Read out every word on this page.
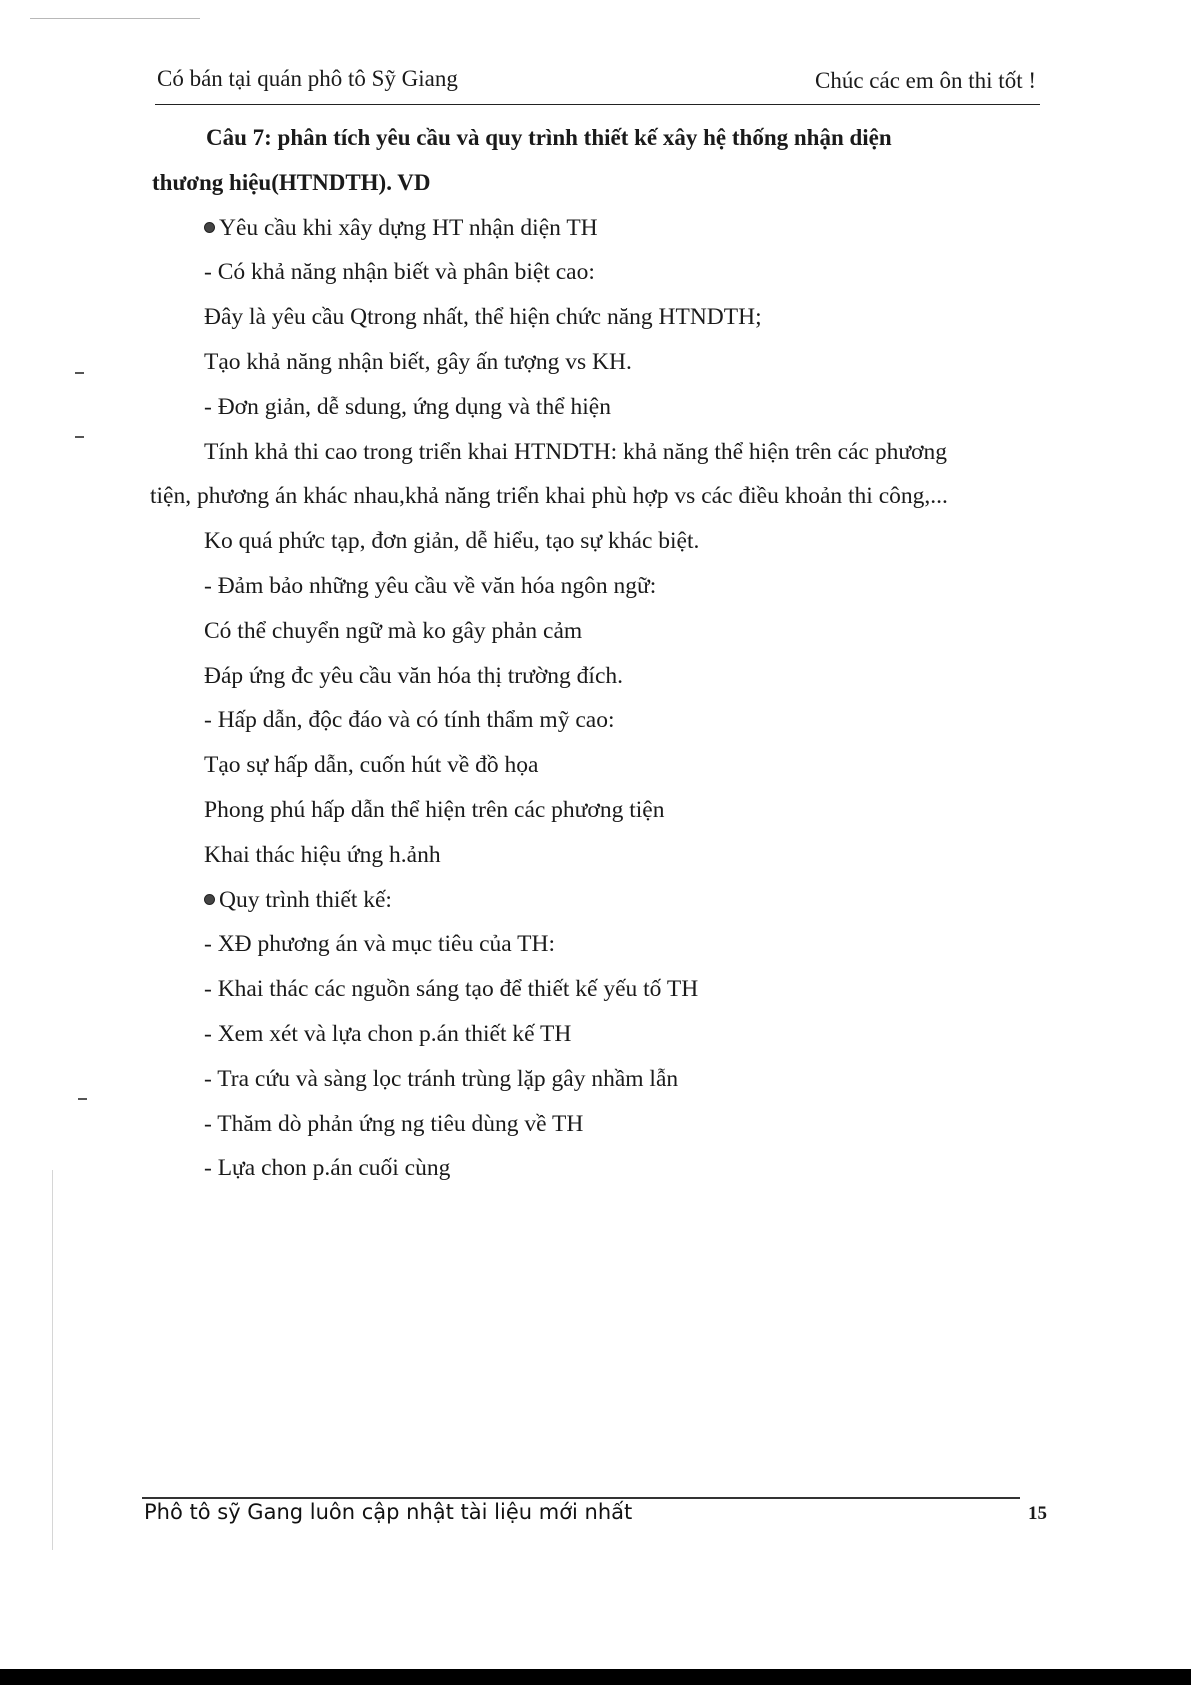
Có bán tại quán phô tô Sỹ Giang	Chúc các em ôn thi tốt !
Câu 7: phân tích yêu cầu và quy trình thiết kế xây hệ thống nhận diện
thương hiệu(HTNDTH). VD
Yêu cầu khi xây dựng HT nhận diện TH
- Có khả năng nhận biết và phân biệt cao:
Đây là yêu cầu Qtrong nhất, thể hiện chức năng HTNDTH;
Tạo khả năng nhận biết, gây ấn tượng vs KH.
- Đơn giản, dễ sdung, ứng dụng và thể hiện
Tính khả thi cao trong triển khai HTNDTH: khả năng thể hiện trên các phương
tiện, phương án khác nhau,khả năng triển khai phù hợp vs các điều khoản thi công,...
Ko quá phức tạp, đơn giản, dễ hiểu, tạo sự khác biệt.
- Đảm bảo những yêu cầu về văn hóa ngôn ngữ:
Có thể chuyển ngữ mà ko gây phản cảm
Đáp ứng đc yêu cầu văn hóa thị trường đích.
- Hấp dẫn, độc đáo và có tính thẩm mỹ cao:
Tạo sự hấp dẫn, cuốn hút về đồ họa
Phong phú hấp dẫn thể hiện trên các phương tiện
Khai thác hiệu ứng h.ảnh
Quy trình thiết kế:
- XĐ phương án và mục tiêu của TH:
- Khai thác các nguồn sáng tạo để thiết kế yếu tố TH
- Xem xét và lựa chon p.án thiết kế TH
- Tra cứu và sàng lọc tránh trùng lặp gây nhầm lẫn
- Thăm dò phản ứng ng tiêu dùng về TH
- Lựa chon p.án cuối cùng
Phô tô sỹ Gang luôn cập nhật tài liệu mới nhất	15
